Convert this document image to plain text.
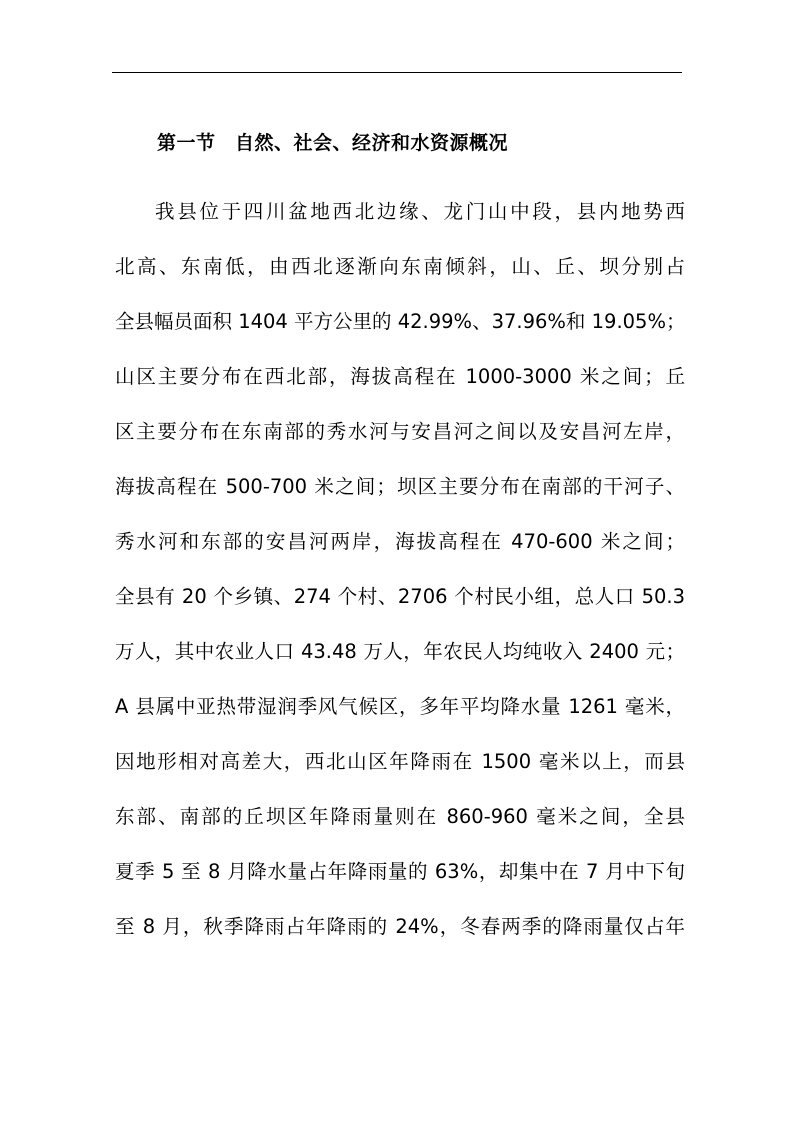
第一节　自然、社会、经济和水资源概况
我县位于四川盆地西北边缘、龙门山中段，县内地势西
北高、东南低，由西北逐渐向东南倾斜，山、丘、坝分别占
全县幅员面积 1404 平方公里的 42.99%、37.96%和 19.05%；
山区主要分布在西北部，海拔高程在 1000-3000 米之间；丘
区主要分布在东南部的秀水河与安昌河之间以及安昌河左岸，
海拔高程在 500-700 米之间；坝区主要分布在南部的干河子、
秀水河和东部的安昌河两岸，海拔高程在 470-600 米之间；
全县有 20 个乡镇、274 个村、2706 个村民小组，总人口 50.3
万人，其中农业人口 43.48 万人，年农民人均纯收入 2400 元；
A 县属中亚热带湿润季风气候区，多年平均降水量 1261 毫米，
因地形相对高差大，西北山区年降雨在 1500 毫米以上，而县
东部、南部的丘坝区年降雨量则在 860-960 毫米之间，全县
夏季 5 至 8 月降水量占年降雨量的 63%，却集中在 7 月中下旬
至 8 月，秋季降雨占年降雨的 24%，冬春两季的降雨量仅占年
